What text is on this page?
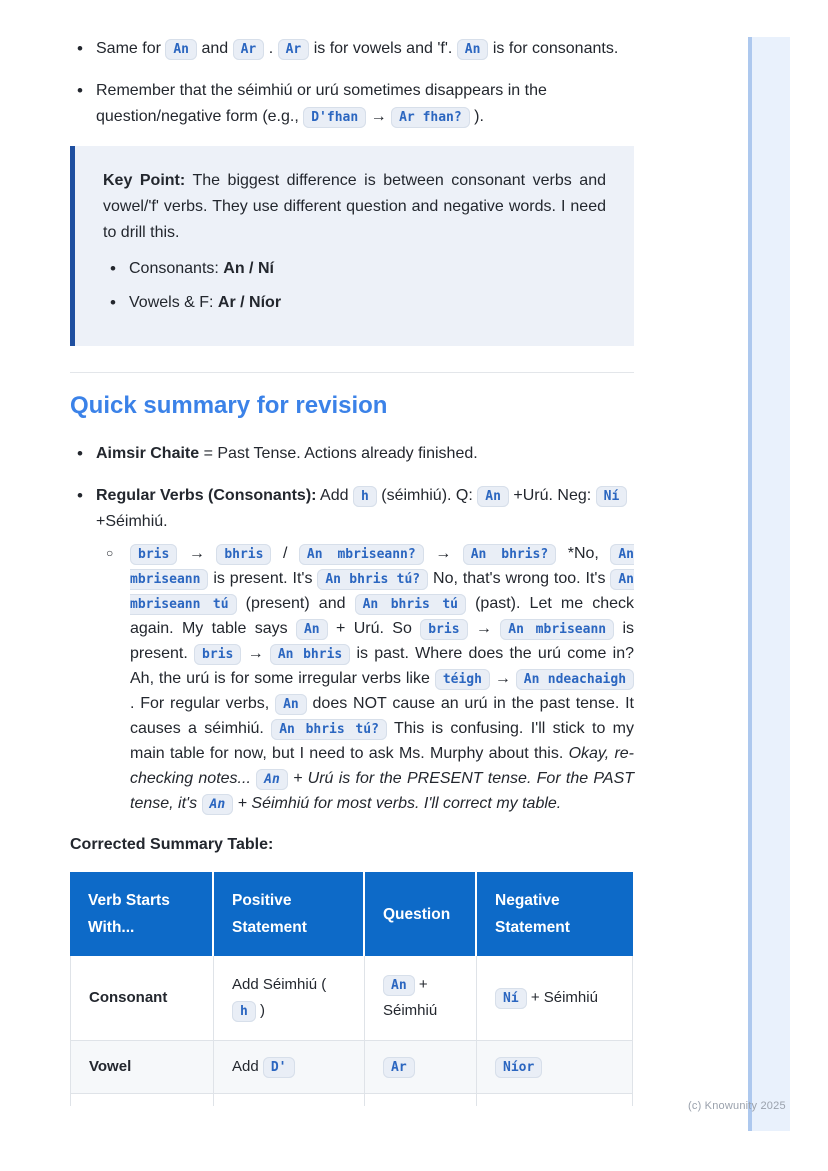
• Same for An and Ar . Ar is for vowels and 'f'. An is for consonants.
• Remember that the séimhiú or urú sometimes disappears in the question/negative form (e.g., D'fhan → Ar fhan? ).

Key Point: The biggest difference is between consonant verbs and vowel/'f' verbs. They use different question and negative words. I need to drill this.

• Consonants: An / Ní
• Vowels & F: Ar / Níor
Quick summary for revision
• Aimsir Chaite = Past Tense. Actions already finished.
• Regular Verbs (Consonants): Add h (séimhiú). Q: An +Urú. Neg: Ní +Séimhiú.
○ bris → bhris / An mbriseann? → An bhris? *No, An mbriseann is present. It's An bhris tú? No, that's wrong too. It's An mbriseann tú (present) and An bhris tú (past). Let me check again. My table says An + Urú. So bris → An mbriseann is present. bris → An bhris is past. Where does the urú come in? Ah, the urú is for some irregular verbs like téigh → An ndeachaigh . For regular verbs, An does NOT cause an urú in the past tense. It causes a séimhiú. An bhris tú? This is confusing. I'll stick to my main table for now, but I need to ask Ms. Murphy about this. Okay, re-checking notes... An + Urú is for the PRESENT tense. For the PAST tense, it's An + Séimhiú for most verbs. I'll correct my table.

Corrected Summary Table:

Verb Starts With...	Positive Statement	Question	Negative Statement
Consonant	Add Séimhiú ( h )	An + Séimhiú	Ní + Séimhiú
Vowel	Add D'	Ar	Níor

(c) Knowunity 2025
